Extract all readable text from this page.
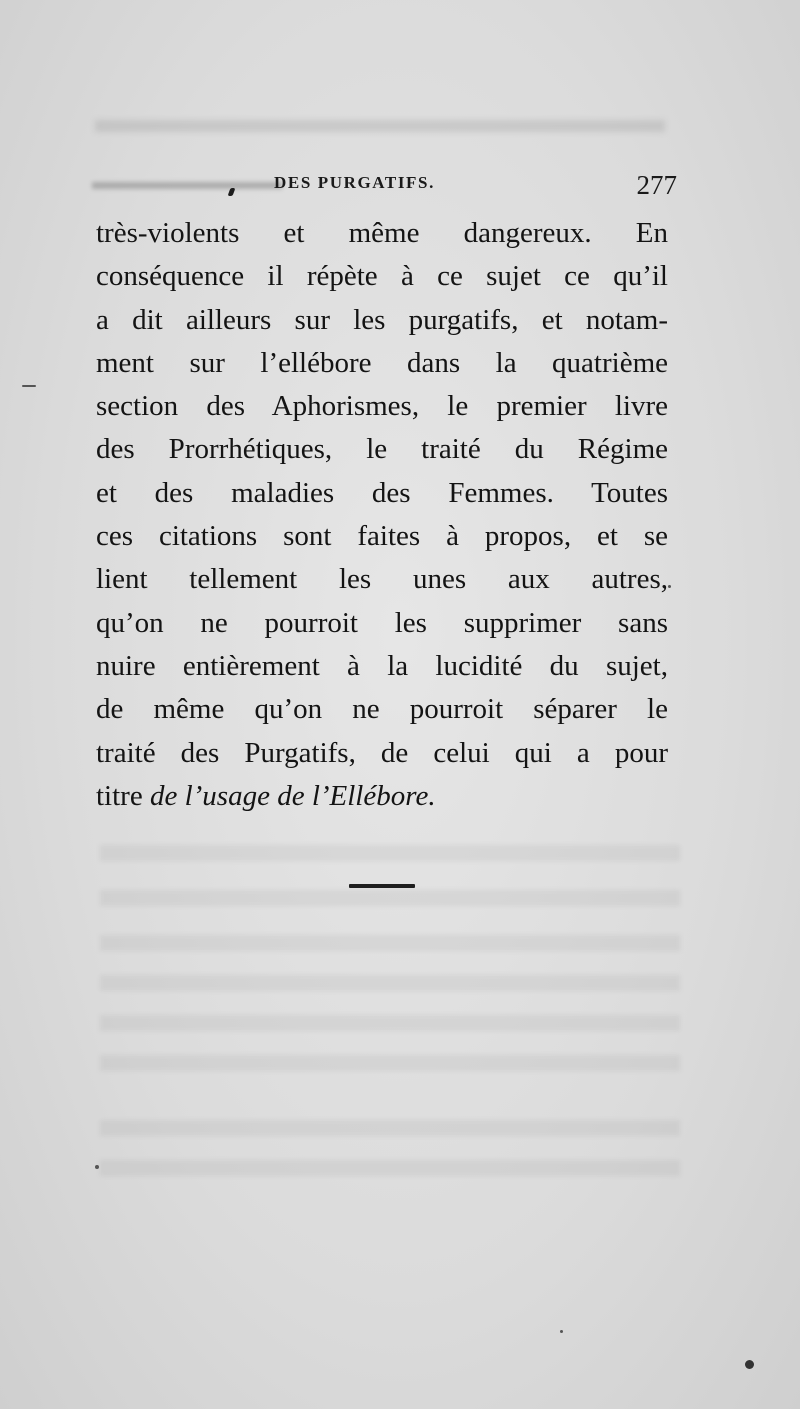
DES PURGATIFS.	277
très-violents et même dangereux. En
conséquence il répète à ce sujet ce qu’il
a dit ailleurs sur les purgatifs, et notam-
ment sur l’ellébore dans la quatrième
section des Aphorismes, le premier livre
des Prorrhétiques, le traité du Régime
et des maladies des Femmes. Toutes
ces citations sont faites à propos, et se
lient tellement les unes aux autres,
qu’on ne pourroit les supprimer sans
nuire entièrement à la lucidité du sujet,
de même qu’on ne pourroit séparer le
traité des Purgatifs, de celui qui a pour
titre de l’usage de l’Ellébore.
